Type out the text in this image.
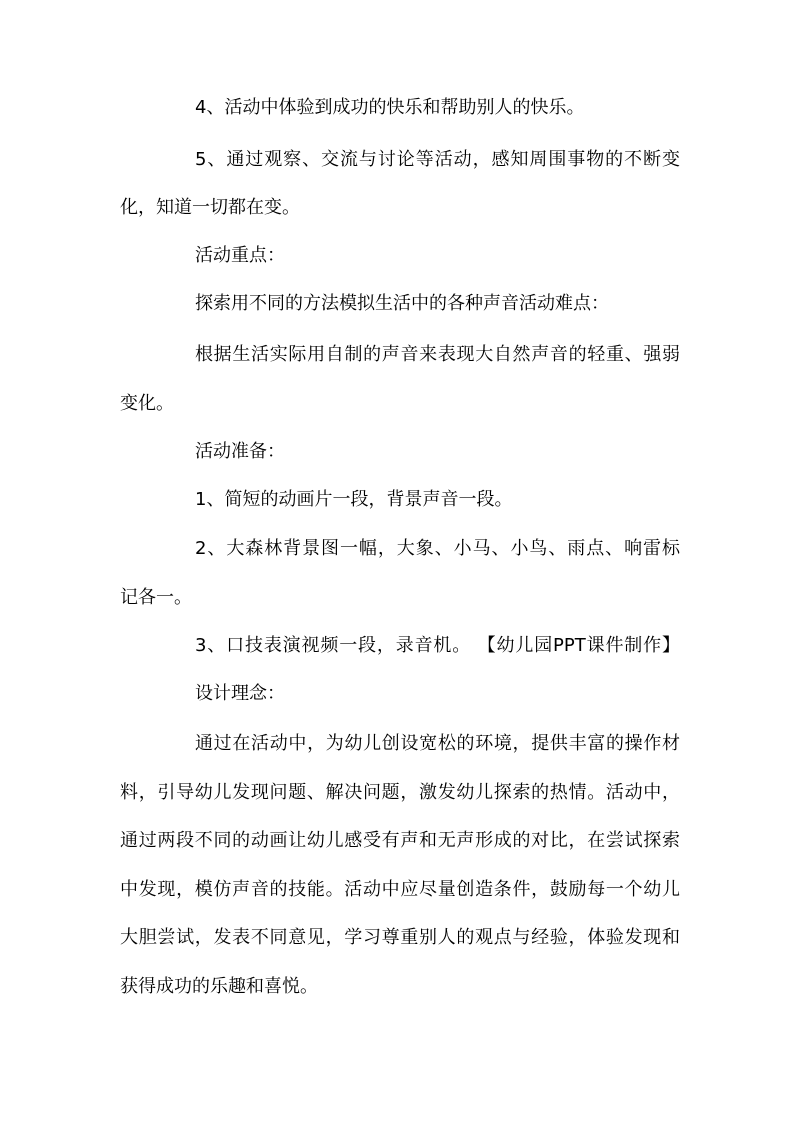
4、活动中体验到成功的快乐和帮助别人的快乐。
5、通过观察、交流与讨论等活动，感知周围事物的不断变
化，知道一切都在变。
活动重点：
探索用不同的方法模拟生活中的各种声音活动难点：
根据生活实际用自制的声音来表现大自然声音的轻重、强弱
变化。
活动准备：
1、简短的动画片一段，背景声音一段。
2、大森林背景图一幅，大象、小马、小鸟、雨点、响雷标
记各一。
3、口技表演视频一段，录音机。 【幼儿园PPT课件制作】
设计理念：
通过在活动中，为幼儿创设宽松的环境，提供丰富的操作材
料，引导幼儿发现问题、解决问题，激发幼儿探索的热情。活动中，
通过两段不同的动画让幼儿感受有声和无声形成的对比，在尝试探索
中发现，模仿声音的技能。活动中应尽量创造条件，鼓励每一个幼儿
大胆尝试，发表不同意见，学习尊重别人的观点与经验，体验发现和
获得成功的乐趣和喜悦。
